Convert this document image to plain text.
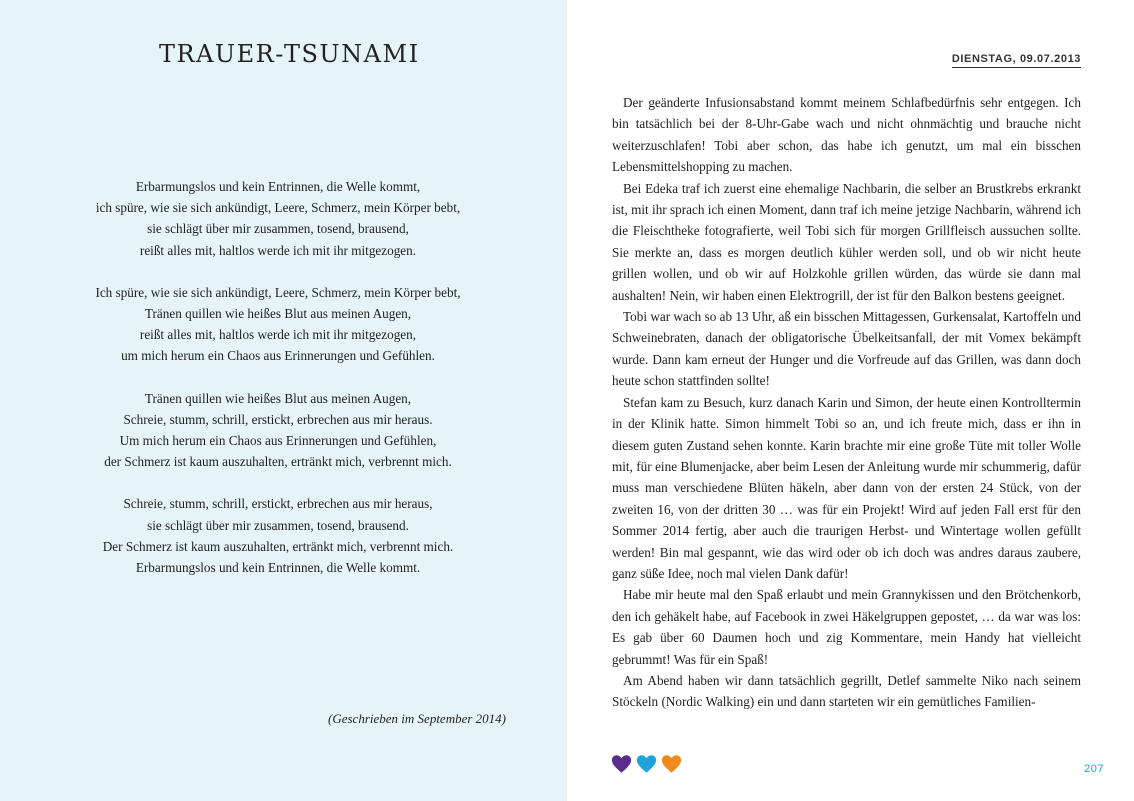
TRAUER-TSUNAMI
Erbarmungslos und kein Entrinnen, die Welle kommt,
ich spüre, wie sie sich ankündigt, Leere, Schmerz, mein Körper bebt,
sie schlägt über mir zusammen, tosend, brausend,
reißt alles mit, haltlos werde ich mit ihr mitgezogen.
Ich spüre, wie sie sich ankündigt, Leere, Schmerz, mein Körper bebt,
Tränen quillen wie heißes Blut aus meinen Augen,
reißt alles mit, haltlos werde ich mit ihr mitgezogen,
um mich herum ein Chaos aus Erinnerungen und Gefühlen.
Tränen quillen wie heißes Blut aus meinen Augen,
Schreie, stumm, schrill, erstickt, erbrechen aus mir heraus.
Um mich herum ein Chaos aus Erinnerungen und Gefühlen,
der Schmerz ist kaum auszuhalten, ertränkt mich, verbrennt mich.
Schreie, stumm, schrill, erstickt, erbrechen aus mir heraus,
sie schlägt über mir zusammen, tosend, brausend.
Der Schmerz ist kaum auszuhalten, ertränkt mich, verbrennt mich.
Erbarmungslos und kein Entrinnen, die Welle kommt.
(Geschrieben im September 2014)
DIENSTAG, 09.07.2013

Der geänderte Infusionsabstand kommt meinem Schlafbedürfnis sehr entgegen. Ich bin tatsächlich bei der 8-Uhr-Gabe wach und nicht ohnmächtig und brauche nicht weiterzuschlafen! Tobi aber schon, das habe ich genutzt, um mal ein bisschen Lebensmittelshopping zu machen.

Bei Edeka traf ich zuerst eine ehemalige Nachbarin, die selber an Brustkrebs erkrankt ist, mit ihr sprach ich einen Moment, dann traf ich meine jetzige Nachbarin, während ich die Fleischtheke fotografierte, weil Tobi sich für morgen Grillfleisch aussuchen sollte. Sie merkte an, dass es morgen deutlich kühler werden soll, und ob wir nicht heute grillen wollen, und ob wir auf Holzkohle grillen würden, das würde sie dann mal aushalten! Nein, wir haben einen Elektrogrill, der ist für den Balkon bestens geeignet.

Tobi war wach so ab 13 Uhr, aß ein bisschen Mittagessen, Gurkensalat, Kartoffeln und Schweinebraten, danach der obligatorische Übelkeitsanfall, der mit Vomex bekämpft wurde. Dann kam erneut der Hunger und die Vorfreude auf das Grillen, was dann doch heute schon stattfinden sollte!

Stefan kam zu Besuch, kurz danach Karin und Simon, der heute einen Kontrolltermin in der Klinik hatte. Simon himmelt Tobi so an, und ich freute mich, dass er ihn in diesem guten Zustand sehen konnte. Karin brachte mir eine große Tüte mit toller Wolle mit, für eine Blumenjacke, aber beim Lesen der Anleitung wurde mir schummerig, dafür muss man verschiedene Blüten häkeln, aber dann von der ersten 24 Stück, von der zweiten 16, von der dritten 30 … was für ein Projekt! Wird auf jeden Fall erst für den Sommer 2014 fertig, aber auch die traurigen Herbst- und Wintertage wollen gefüllt werden! Bin mal gespannt, wie das wird oder ob ich doch was andres daraus zaubere, ganz süße Idee, noch mal vielen Dank dafür!

Habe mir heute mal den Spaß erlaubt und mein Grannykissen und den Brötchenkorb, den ich gehäkelt habe, auf Facebook in zwei Häkelgruppen gepostet, … da war was los: Es gab über 60 Daumen hoch und zig Kommentare, mein Handy hat vielleicht gebrummt! Was für ein Spaß!

Am Abend haben wir dann tatsächlich gegrillt, Detlef sammelte Niko nach seinem Stöckeln (Nordic Walking) ein und dann starteten wir ein gemütliches Familien-

207
